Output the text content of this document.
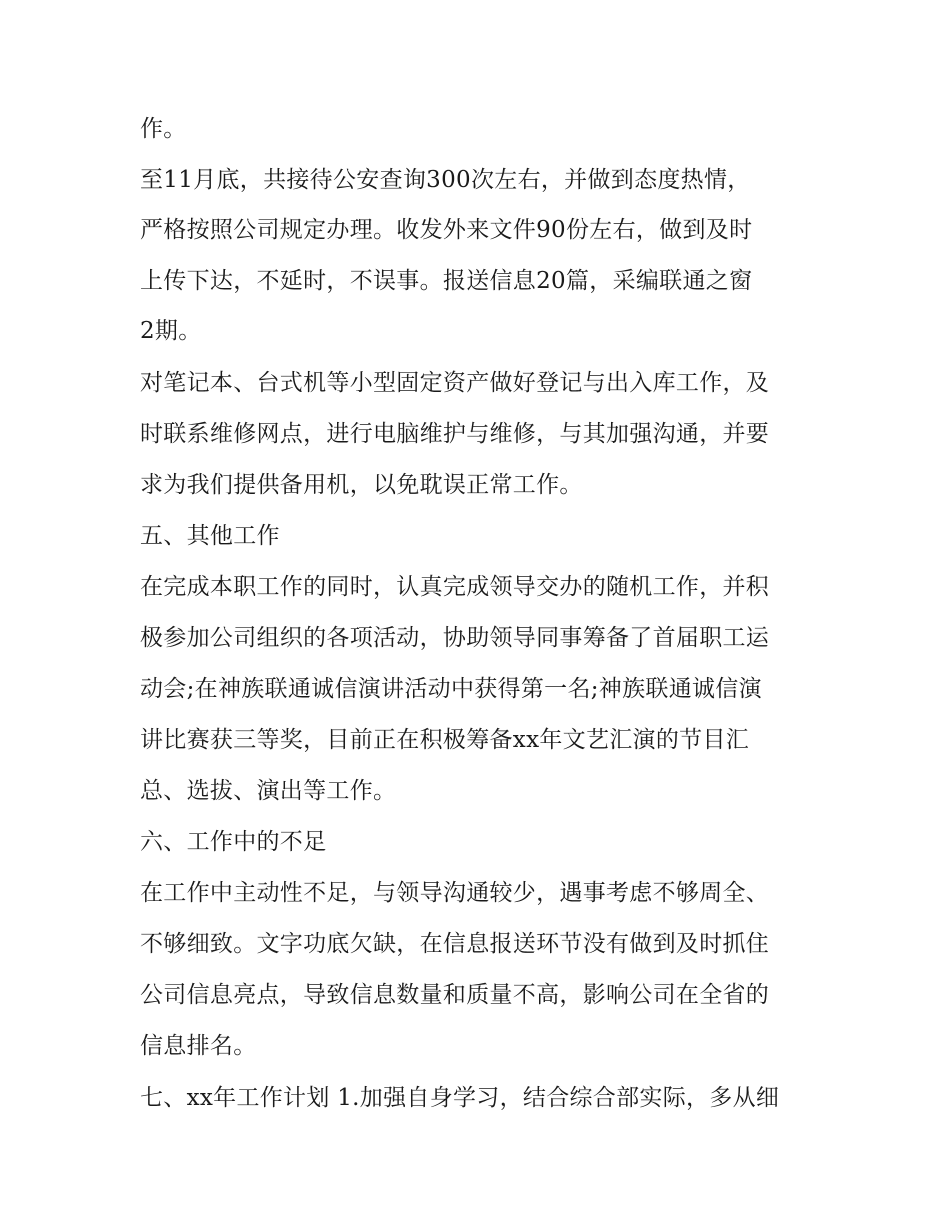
作。

至11月底，共接待公安查询300次左右，并做到态度热情，

严格按照公司规定办理。收发外来文件90份左右，做到及时

上传下达，不延时，不误事。报送信息20篇，采编联通之窗

2期。

对笔记本、台式机等小型固定资产做好登记与出入库工作，及

时联系维修网点，进行电脑维护与维修，与其加强沟通，并要

求为我们提供备用机，以免耽误正常工作。

五、其他工作

在完成本职工作的同时，认真完成领导交办的随机工作，并积

极参加公司组织的各项活动，协助领导同事筹备了首届职工运

动会;在神族联通诚信演讲活动中获得第一名;神族联通诚信演

讲比赛获三等奖，目前正在积极筹备xx年文艺汇演的节目汇

总、选拔、演出等工作。

六、工作中的不足

在工作中主动性不足，与领导沟通较少，遇事考虑不够周全、

不够细致。文字功底欠缺，在信息报送环节没有做到及时抓住

公司信息亮点，导致信息数量和质量不高，影响公司在全省的

信息排名。

七、xx年工作计划 1.加强自身学习，结合综合部实际，多从细
